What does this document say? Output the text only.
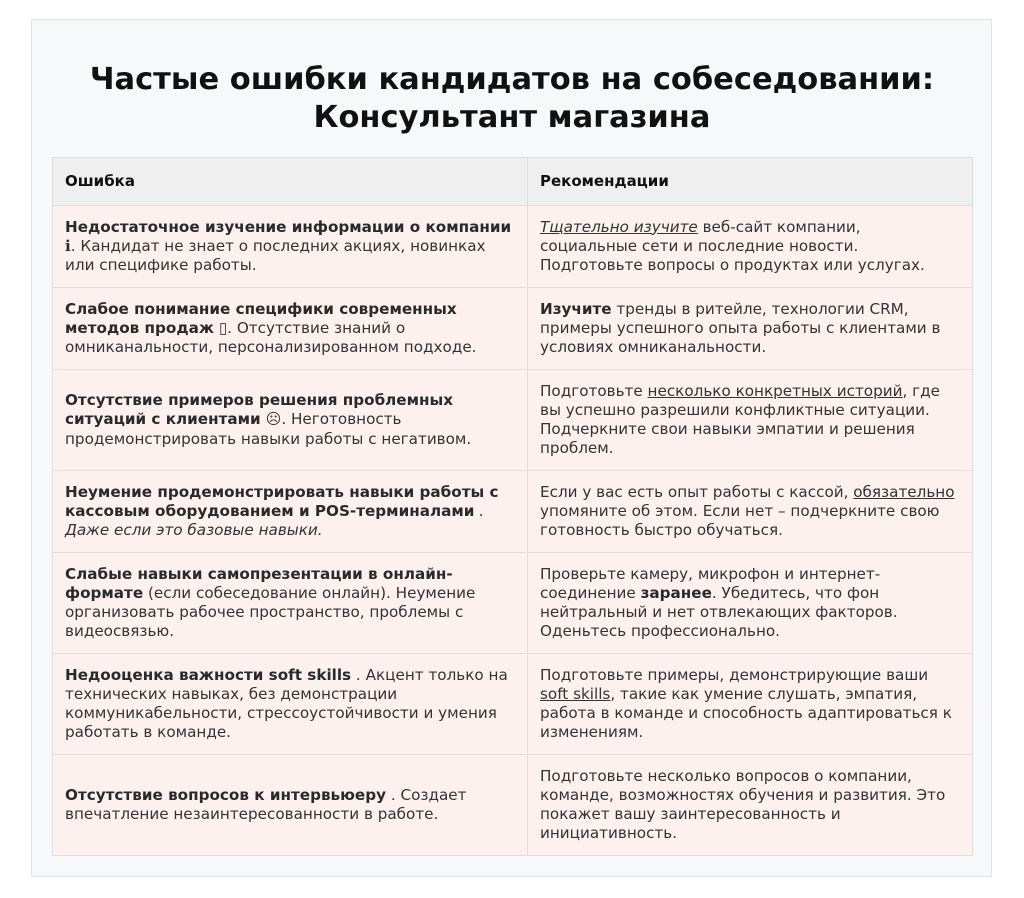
Частые ошибки кандидатов на собеседовании:
Консультант магазина
Ошибка	Рекомендации
Недостаточное изучение информации о компании ℹ. Кандидат не знает о последних акциях, новинках или специфике работы.	Тщательно изучите веб-сайт компании, социальные сети и последние новости. Подготовьте вопросы о продуктах или услугах.
Слабое понимание специфики современных методов продаж ▯. Отсутствие знаний о омниканальности, персонализированном подходе.	Изучите тренды в ритейле, технологии CRM, примеры успешного опыта работы с клиентами в условиях омниканальности.
Отсутствие примеров решения проблемных ситуаций с клиентами ☹. Неготовность продемонстрировать навыки работы с негативом.	Подготовьте несколько конкретных историй, где вы успешно разрешили конфликтные ситуации. Подчеркните свои навыки эмпатии и решения проблем.
Неумение продемонстрировать навыки работы с кассовым оборудованием и POS-терминалами . Даже если это базовые навыки.	Если у вас есть опыт работы с кассой, обязательно упомяните об этом. Если нет – подчеркните свою готовность быстро обучаться.
Слабые навыки самопрезентации в онлайн-формате (если собеседование онлайн). Неумение организовать рабочее пространство, проблемы с видеосвязью.	Проверьте камеру, микрофон и интернет-соединение заранее. Убедитесь, что фон нейтральный и нет отвлекающих факторов. Оденьтесь профессионально.
Недооценка важности soft skills . Акцент только на технических навыках, без демонстрации коммуникабельности, стрессоустойчивости и умения работать в команде.	Подготовьте примеры, демонстрирующие ваши soft skills, такие как умение слушать, эмпатия, работа в команде и способность адаптироваться к изменениям.
Отсутствие вопросов к интервьюеру . Создает впечатление незаинтересованности в работе.	Подготовьте несколько вопросов о компании, команде, возможностях обучения и развития. Это покажет вашу заинтересованность и инициативность.
